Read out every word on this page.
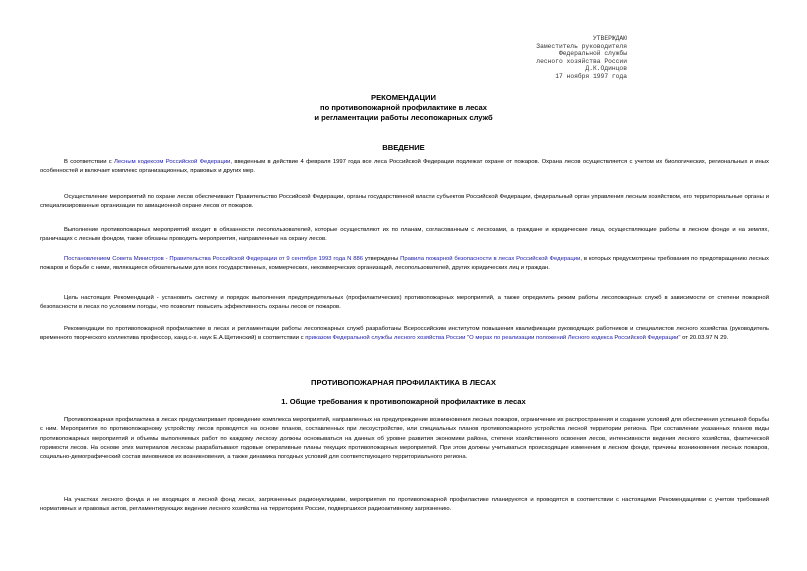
УТВЕРЖДАЮ
Заместитель руководителя
Федеральной службы
лесного хозяйства России
Д.К.Одинцов
17 ноября 1997 года
РЕКОМЕНДАЦИИ
по противопожарной профилактике в лесах
и регламентации работы лесопожарных служб
ВВЕДЕНИЕ

В соответствии с Лесным кодексом Российской Федерации, введенным в действие 4 февраля 1997 года все леса Российской Федерации подлежат охране от пожаров. Охрана лесов осуществляется с учетом их биологических, региональных и иных особенностей и включает комплекс организационных, правовых и других мер.

Осуществление мероприятий по охране лесов обеспечивают Правительство Российской Федерации, органы государственной власти субъектов Российской Федерации, федеральный орган управления лесным хозяйством, его территориальные органы и специализированные организации по авиационной охране лесов от пожаров.

Выполнение противопожарных мероприятий входит в обязанности лесопользователей, которые осуществляют их по планам, согласованным с лесхозами, а граждане и юридические лица, осуществляющие работы в лесном фонде и на землях, граничащих с лесным фондом, также обязаны проводить мероприятия, направленные на охрану лесов.

Постановлением Совета Министров - Правительства Российской Федерации от 9 сентября 1993 года N 886 утверждены Правила пожарной безопасности в лесах Российской Федерации, в которых предусмотрены требования по предотвращению лесных пожаров и борьбе с ними, являющиеся обязательными для всех государственных, коммерческих, некоммерческих организаций, лесопользователей, других юридических лиц и граждан.

Цель настоящих Рекомендаций - установить систему и порядок выполнения предупредительных (профилактических) противопожарных мероприятий, а также определить режим работы лесопожарных служб в зависимости от степени пожарной безопасности в лесах по условиям погоды, что позволит повысить эффективность охраны лесов от пожаров.

Рекомендации по противопожарной профилактике в лесах и регламентации работы лесопожарных служб разработаны Всероссийским институтом повышения квалификации руководящих работников и специалистов лесного хозяйства (руководитель временного творческого коллектива профессор, канд.с-х. наук Е.А.Щетинский) в соответствии с приказом Федеральной службы лесного хозяйства России "О мерах по реализации положений Лесного кодекса Российской Федерации" от 20.03.97 N 29.

ПРОТИВОПОЖАРНАЯ ПРОФИЛАКТИКА В ЛЕСАХ
1. Общие требования к противопожарной профилактике в лесах

Противопожарная профилактика в лесах предусматривает проведение комплекса мероприятий, направленных на предупреждение возникновения лесных пожаров, ограничение их распространения и создание условий для обеспечения успешной борьбы с ним. Мероприятия по противопожарному устройству лесов проводятся на основе планов, составленных при лесоустройстве, или специальных планов противопожарного устройства лесной территории региона. При составлении указанных планов виды противопожарных мероприятий и объемы выполняемых работ по каждому лесхозу должны основываться на данных об уровне развития экономики района, степени хозяйственного освоения лесов, интенсивности ведения лесного хозяйства, фактической горимости лесов. На основе этих материалов лесхозы разрабатывают годовые оперативные планы текущих противопожарных мероприятий. При этом должны учитываться происходящие изменения в лесном фонде, причины возникновения лесных пожаров, социально-демографический состав виновников их возникновения, а также динамика погодных условий для соответствующего территориального региона.

На участках лесного фонда и не входящих в лесной фонд лесах, загрязненных радионуклидами, мероприятия по противопожарной профилактике планируются и проводятся в соответствии с настоящими Рекомендациями с учетом требований нормативных и правовых актов, регламентирующих ведение лесного хозяйства на территориях России, подвергшихся радиоактивному загрязнению.
